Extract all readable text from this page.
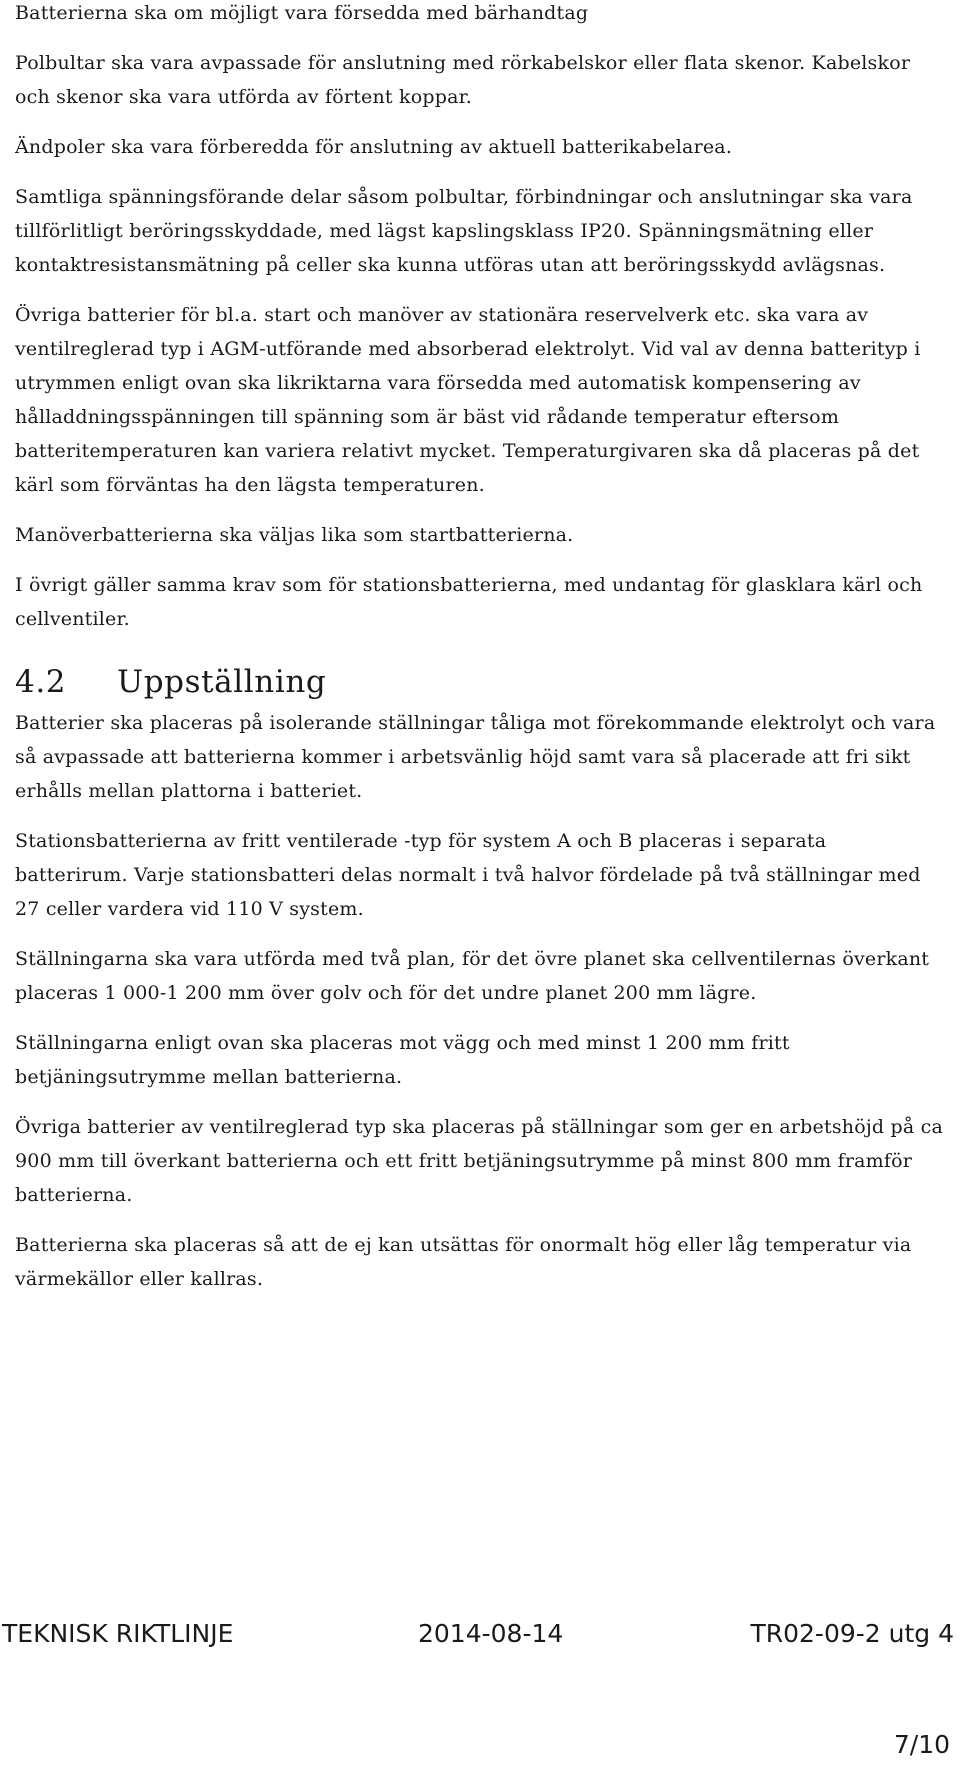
Batterierna ska om möjligt vara försedda med bärhandtag

Polbultar ska vara avpassade för anslutning med rörkabelskor eller flata skenor. Kabelskor och skenor ska vara utförda av förtent koppar.

Ändpoler ska vara förberedda för anslutning av aktuell batterikabelarea.

Samtliga spänningsförande delar såsom polbultar, förbindningar och anslutningar ska vara tillförlitligt beröringsskyddade, med lägst kapslingsklass IP20. Spänningsmätning eller kontaktresistansmätning på celler ska kunna utföras utan att beröringsskydd avlägsnas.

Övriga batterier för bl.a. start och manöver av stationära reservelverk etc. ska vara av ventilreglerad typ i AGM-utförande med absorberad elektrolyt. Vid val av denna batterityp i utrymmen enligt ovan ska likriktarna vara försedda med automatisk kompensering av hålladdningsspänningen till spänning som är bäst vid rådande temperatur eftersom batteritemperaturen kan variera relativt mycket. Temperaturgivaren ska då placeras på det kärl som förväntas ha den lägsta temperaturen.

Manöverbatterierna ska väljas lika som startbatterierna.

I övrigt gäller samma krav som för stationsbatterierna, med undantag för glasklara kärl och cellventiler.

4.2 Uppställning

Batterier ska placeras på isolerande ställningar tåliga mot förekommande elektrolyt och vara så avpassade att batterierna kommer i arbetsvänlig höjd samt vara så placerade att fri sikt erhålls mellan plattorna i batteriet.

Stationsbatterierna av fritt ventilerade -typ för system A och B placeras i separata batterirum. Varje stationsbatteri delas normalt i två halvor fördelade på två ställningar med 27 celler vardera vid 110 V system.

Ställningarna ska vara utförda med två plan, för det övre planet ska cellventilernas överkant placeras 1 000-1 200 mm över golv och för det undre planet 200 mm lägre.

Ställningarna enligt ovan ska placeras mot vägg och med minst 1 200 mm fritt betjäningsutrymme mellan batterierna.

Övriga batterier av ventilreglerad typ ska placeras på ställningar som ger en arbetshöjd på ca 900 mm till överkant batterierna och ett fritt betjäningsutrymme på minst 800 mm framför batterierna.

Batterierna ska placeras så att de ej kan utsättas för onormalt hög eller låg temperatur via värmekällor eller kallras.

TEKNISK RIKTLINJE	2014-08-14	TR02-09-2 utg 4
7/10
